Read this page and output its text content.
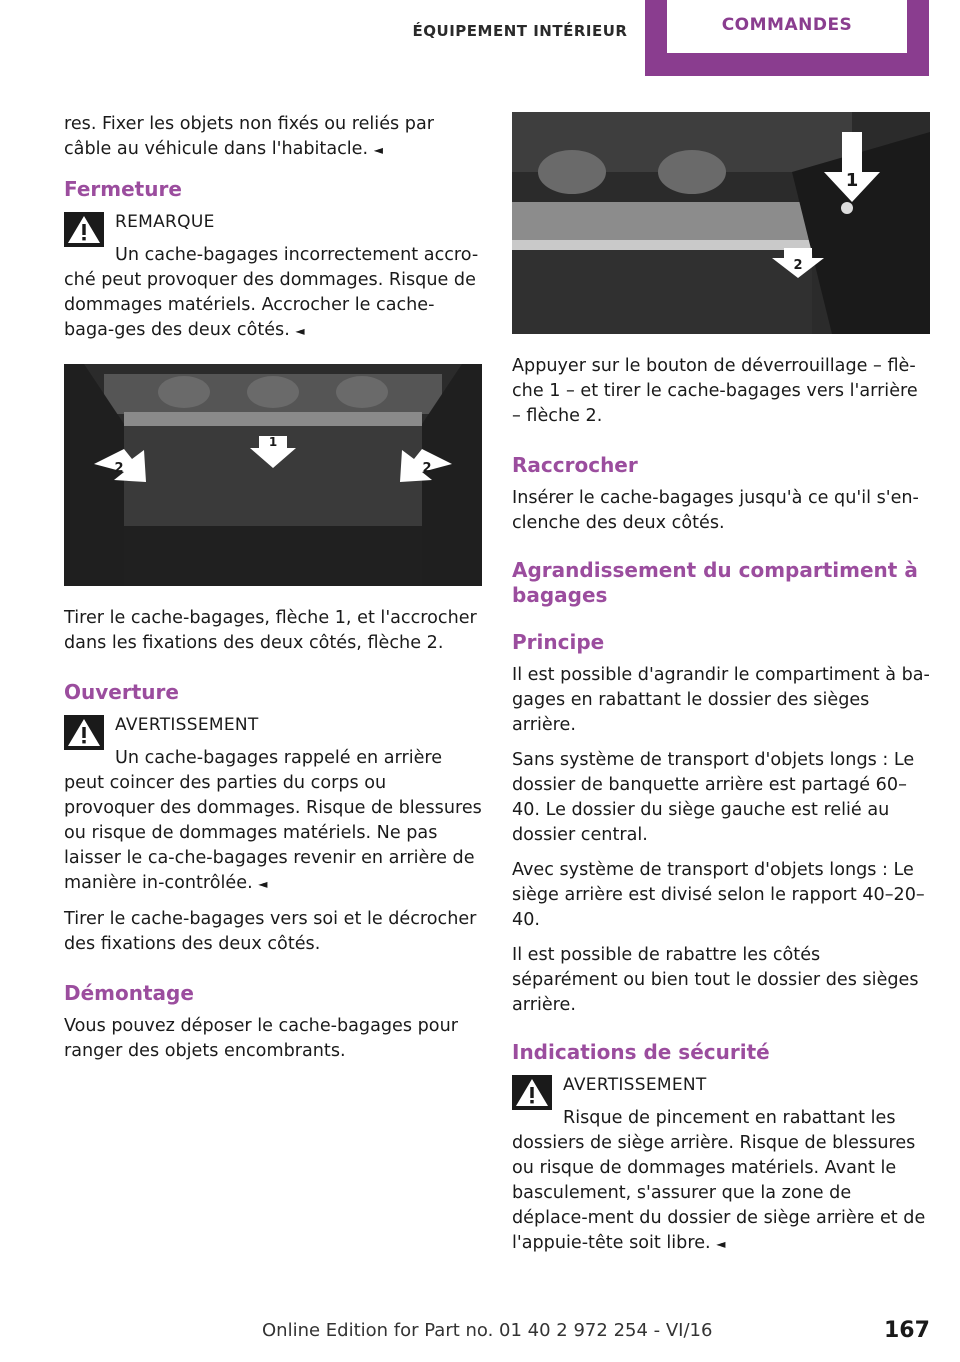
ÉQUIPEMENT INTÉRIEUR	COMMANDES

res. Fixer les objets non fixés ou reliés par câble au véhicule dans l'habitacle. ◄

Fermeture
REMARQUE

Un cache-bagages incorrectement accro-ché peut provoquer des dommages. Risque de dommages matériels. Accrocher le cache-baga-ges des deux côtés. ◄

1
2	2

Tirer le cache-bagages, flèche 1, et l'accrocher dans les fixations des deux côtés, flèche 2.

Ouverture
AVERTISSEMENT

Un cache-bagages rappelé en arrière peut coincer des parties du corps ou provoquer des dommages. Risque de blessures ou risque de dommages matériels. Ne pas laisser le ca-che-bagages revenir en arrière de manière in-contrôlée. ◄

Tirer le cache-bagages vers soi et le décrocher des fixations des deux côtés.

Démontage

Vous pouvez déposer le cache-bagages pour ranger des objets encombrants.

1
2

Appuyer sur le bouton de déverrouillage – flè-che 1 – et tirer le cache-bagages vers l'arrière – flèche 2.

Raccrocher

Insérer le cache-bagages jusqu'à ce qu'il s'en-clenche des deux côtés.

Agrandissement du compartiment à bagages
Principe

Il est possible d'agrandir le compartiment à ba-gages en rabattant le dossier des sièges arrière.

Sans système de transport d'objets longs : Le dossier de banquette arrière est partagé 60–40. Le dossier du siège gauche est relié au dossier central.

Avec système de transport d'objets longs : Le siège arrière est divisé selon le rapport 40–20–40.

Il est possible de rabattre les côtés séparément ou bien tout le dossier des sièges arrière.

Indications de sécurité
AVERTISSEMENT

Risque de pincement en rabattant les dossiers de siège arrière. Risque de blessures ou risque de dommages matériels. Avant le basculement, s'assurer que la zone de déplace-ment du dossier de siège arrière et de l'appuie-tête soit libre. ◄

Online Edition for Part no. 01 40 2 972 254 - VI/16	167
